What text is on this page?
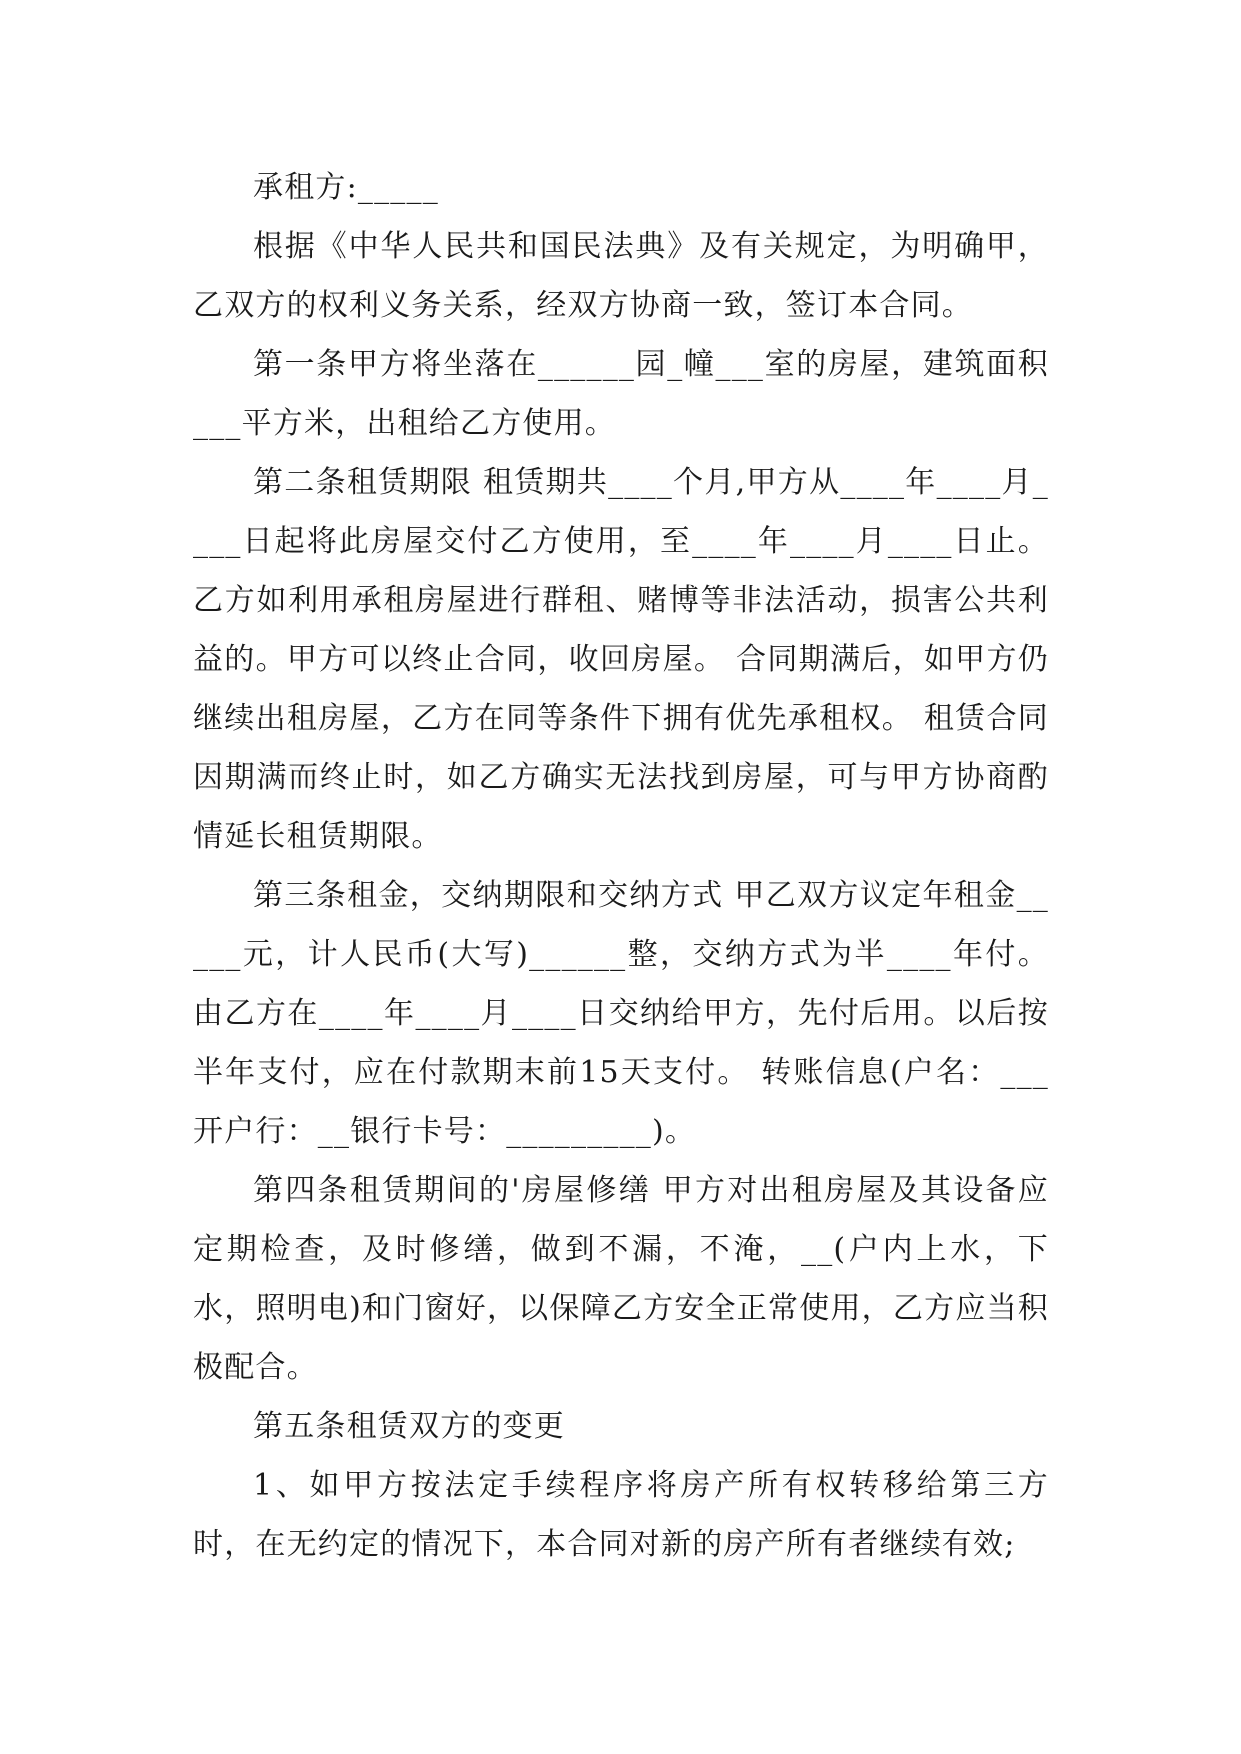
承租方:_____

根据《中华人民共和国民法典》及有关规定，为明确甲，乙双方的权利义务关系，经双方协商一致，签订本合同。

第一条甲方将坐落在______园_幢___室的房屋，建筑面积___平方米，出租给乙方使用。

第二条租赁期限 租赁期共____个月,甲方从____年____月____日起将此房屋交付乙方使用，至____年____月____日止。 乙方如利用承租房屋进行群租、赌博等非法活动，损害公共利益的。甲方可以终止合同，收回房屋。 合同期满后，如甲方仍继续出租房屋，乙方在同等条件下拥有优先承租权。 租赁合同因期满而终止时，如乙方确实无法找到房屋，可与甲方协商酌情延长租赁期限。

第三条租金，交纳期限和交纳方式 甲乙双方议定年租金_____元，计人民币(大写)______整，交纳方式为半____年付。由乙方在____年____月____日交纳给甲方，先付后用。以后按半年支付，应在付款期末前15天支付。 转账信息(户名：___开户行：__银行卡号：_________)。

第四条租赁期间的'房屋修缮 甲方对出租房屋及其设备应定期检查，及时修缮，做到不漏，不淹，__(户内上水，下水，照明电)和门窗好，以保障乙方安全正常使用，乙方应当积极配合。

第五条租赁双方的变更

1、如甲方按法定手续程序将房产所有权转移给第三方时，在无约定的情况下，本合同对新的房产所有者继续有效;
